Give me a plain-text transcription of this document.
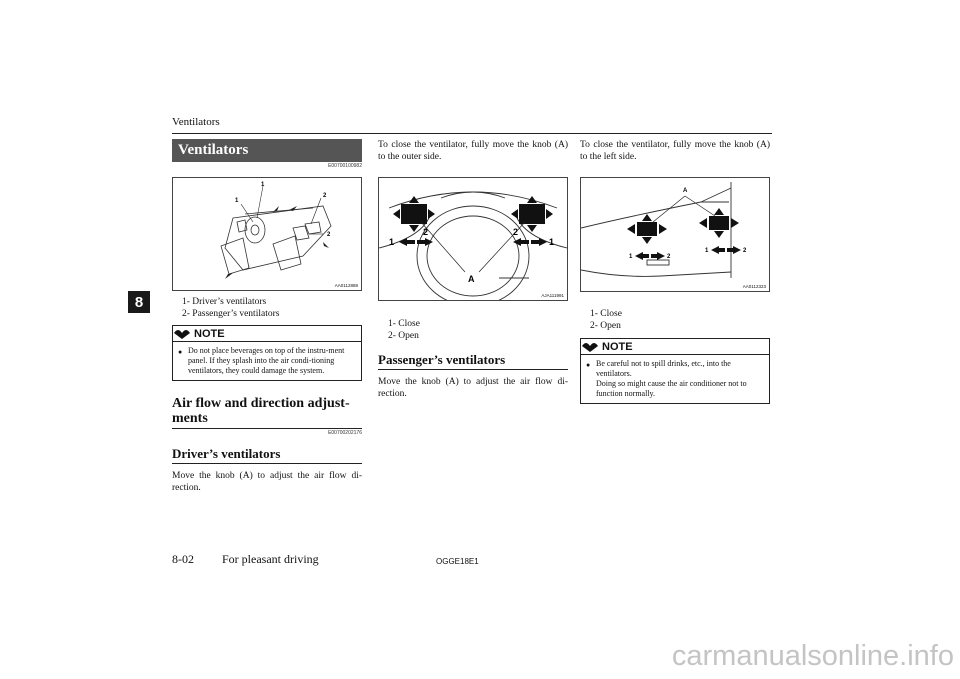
Ventilators
8
Ventilators
E00700100982
1
1
2
2
AA0112888
1- Driver’s ventilators
2- Passenger’s ventilators
NOTE
● Do not place beverages on top of the instru-ment panel. If they splash into the air condi-tioning ventilators, they could damage the system.
Air flow and direction adjust-ments
E00700202176
Driver’s ventilators
Move the knob (A) to adjust the air flow di-rection.
To close the ventilator, fully move the knob (A) to the outer side.
1
2	2
1
A
AJA111991
1- Close
2- Open
Passenger’s ventilators
Move the knob (A) to adjust the air flow di-rection.
To close the ventilator, fully move the knob (A) to the left side.
A
1	2
1	2
AA0112323
1- Close
2- Open
NOTE
● Be careful not to spill drinks, etc., into the ventilators.
Doing so might cause the air conditioner not to function normally.
8-02 For pleasant driving	OGGE18E1
carmanualsonline.info
